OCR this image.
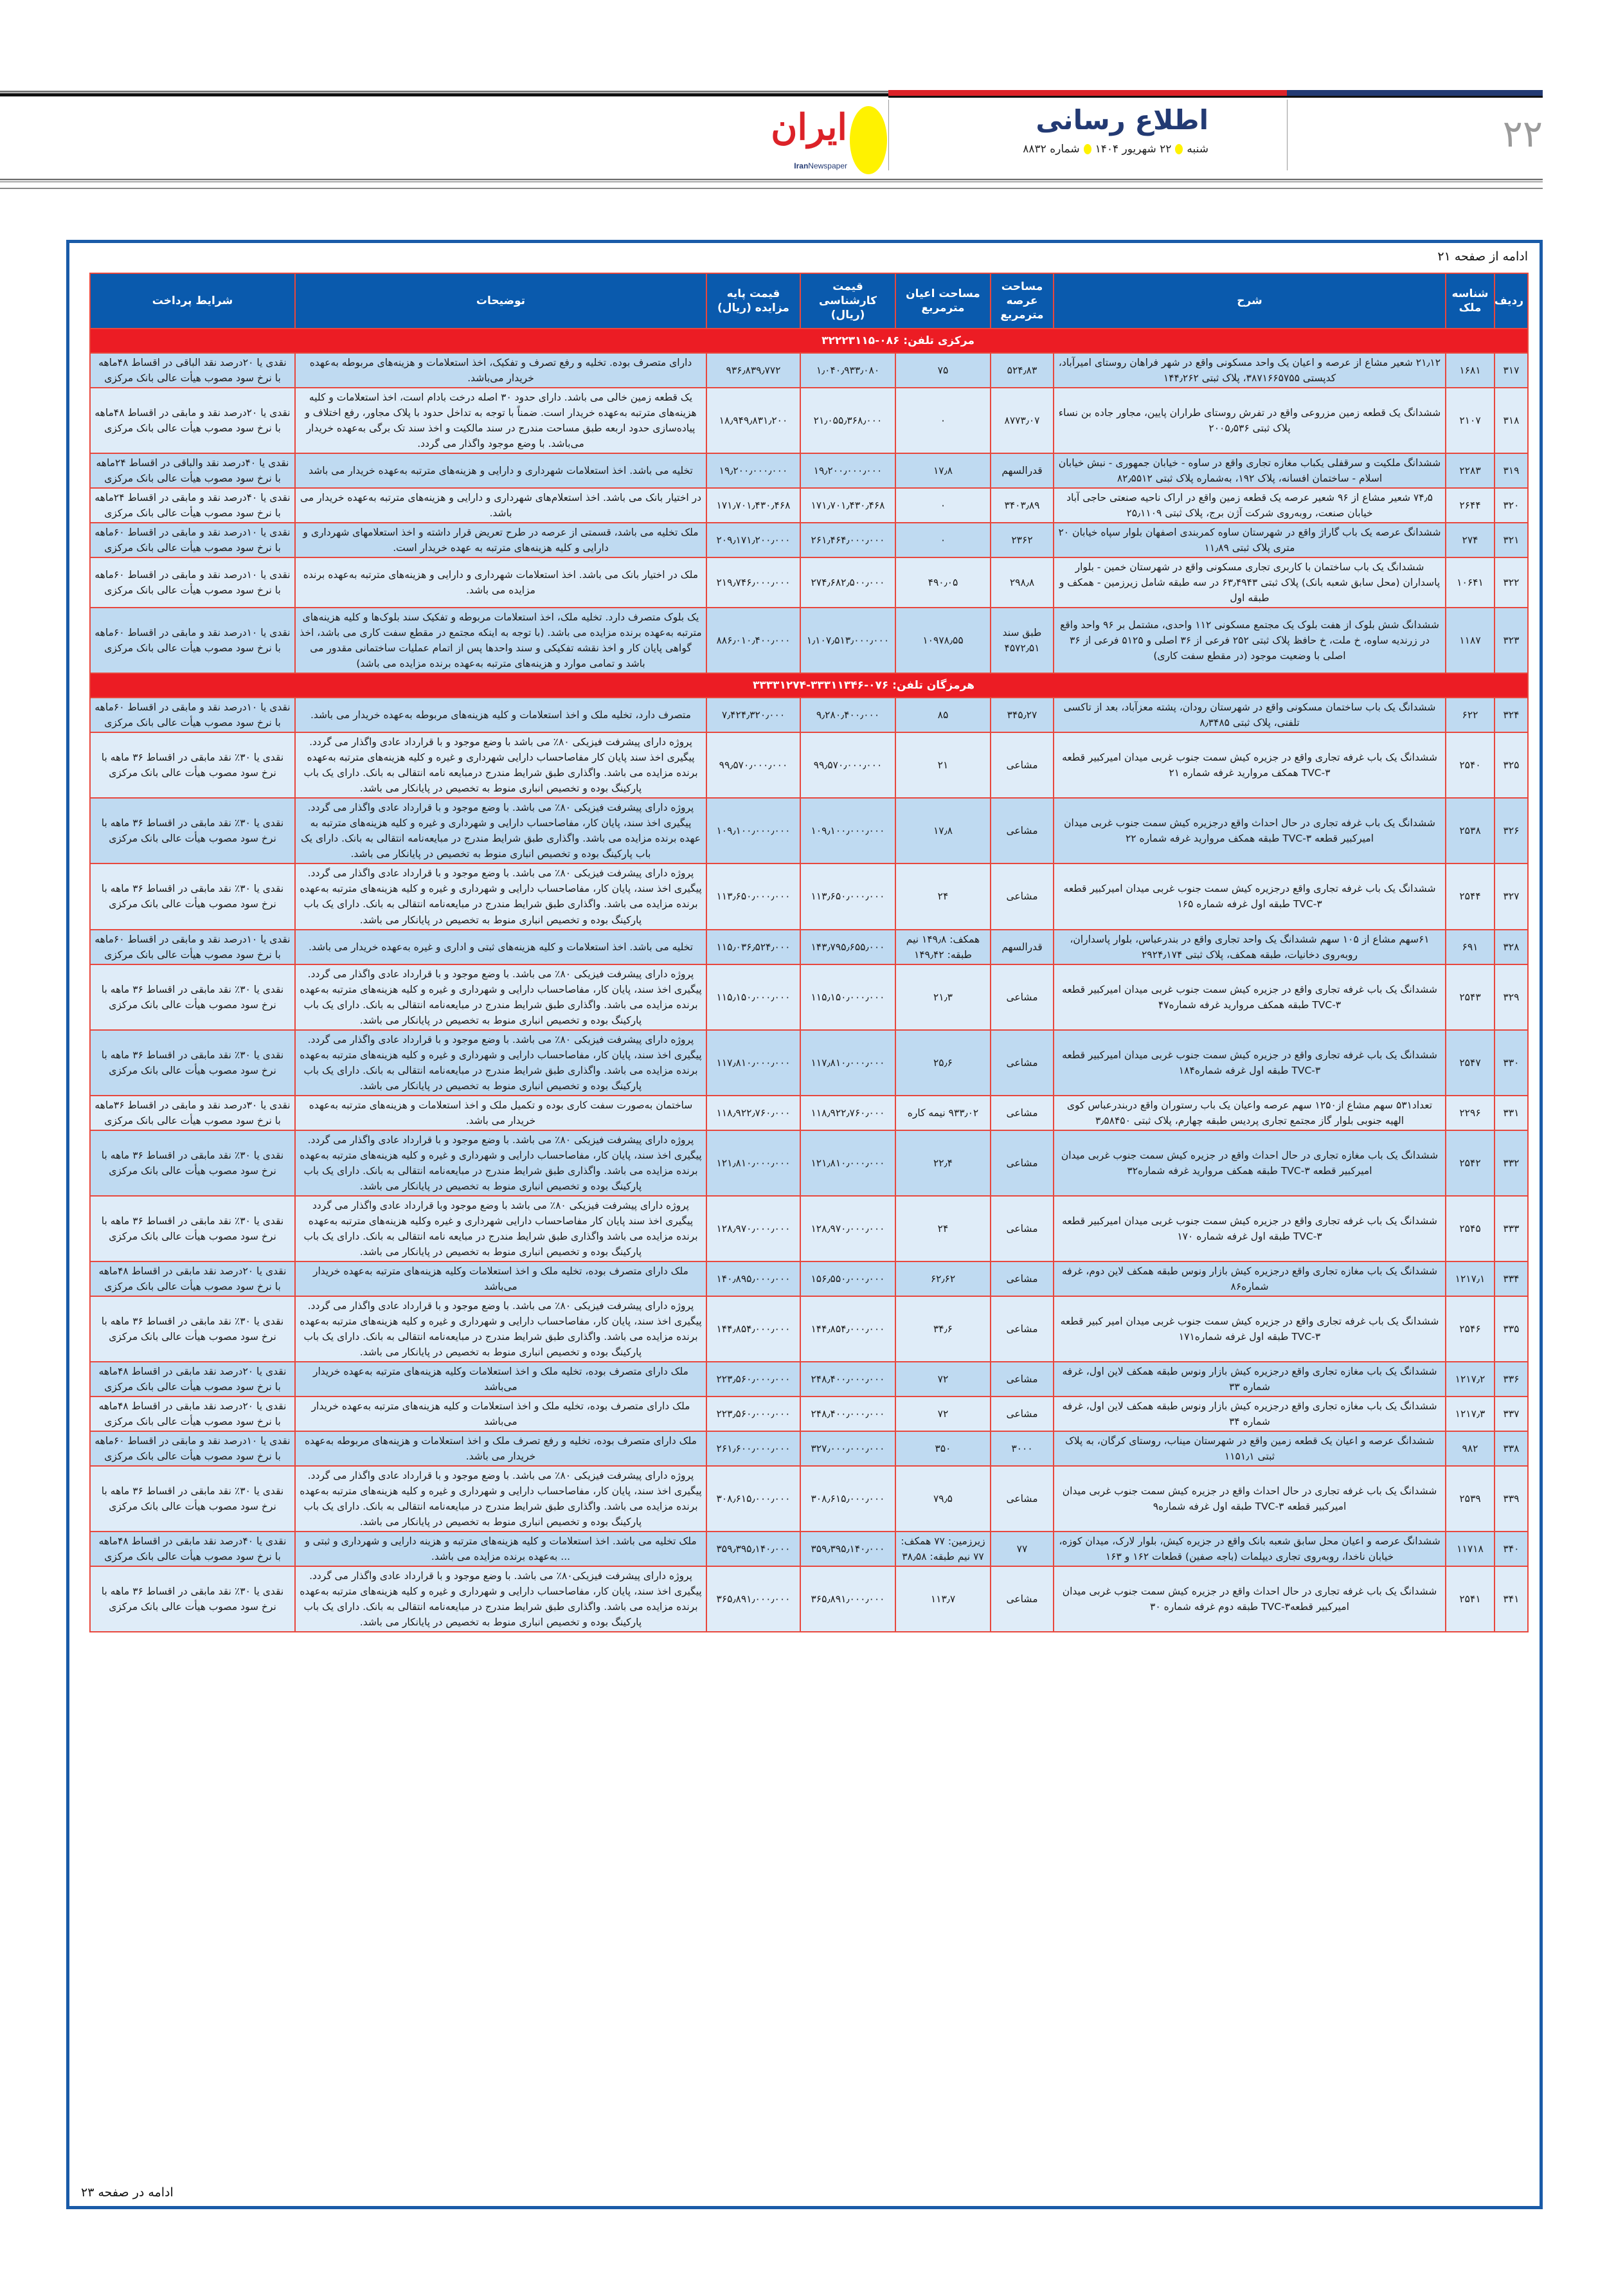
۲۲
اطلاع رسانی
شنبه
۲۲ شهریور ۱۴۰۴
شماره ۸۸۳۲
ایران
IranNewspaper
ادامه از صفحه ۲۱
ردیف	شناسه ملک	شرح	مساحت عرصه مترمربع	مساحت اعیان مترمربع	قیمت کارشناسی (ریال)	قیمت پایه مزایده (ریال)	توضیحات	شرایط پرداخت
مرکزی تلفن: ۰۸۶-۳۲۲۲۳۱۱۵								
۳۱۷	۱۶۸۱	۲۱٫۱۲ شعیر مشاع از عرصه و اعیان یک واحد مسکونی واقع در شهر فراهان روستای امیرآباد، کدپستی ۳۸۷۱۶۶۵۷۵۵، پلاک ثبتی ۱۴۴٫۲۶۲	۵۲۴٫۸۳	۷۵	۱٫۰۴۰٫۹۳۳٫۰۸۰	۹۳۶٫۸۳۹٫۷۷۲	دارای متصرف بوده. تخلیه و رفع تصرف و تفکیک، اخذ استعلامات و هزینه‌های مربوطه به‌عهده خریدار می‌باشد.	نقدی یا ۲۰درصد نقد الباقی در اقساط ۴۸ماهه با نرخ سود مصوب هیأت عالی بانک مرکزی
۳۱۸	۲۱۰۷	ششدانگ یک قطعه زمین مزروعی واقع در تفرش روستای طراران پایین، مجاور جاده بن نساء پلاک ثبتی ۲۰۰۵٫۵۳۶	۸۷۷۳٫۰۷	۰	۲۱٫۰۵۵٫۳۶۸٫۰۰۰	۱۸٫۹۴۹٫۸۳۱٫۲۰۰	یک قطعه زمین خالی می باشد. دارای حدود ۳۰ اصله درخت بادام است، اخذ استعلامات و کلیه هزینه‌های مترتبه به‌عهده خریدار است. ضمناً با توجه به تداخل حدود با پلاک مجاور، رفع اختلاف و پیاده‌سازی حدود اربعه طبق مساحت مندرج در سند مالکیت و اخذ سند تک برگی به‌عهده خریدار می‌باشد. با وضع موجود واگذار می گردد.	نقدی یا ۲۰درصد نقد و مابقی در اقساط ۴۸ماهه با نرخ سود مصوب هیأت عالی بانک مرکزی
۳۱۹	۲۲۸۳	ششدانگ ملکیت و سرقفلی یکباب مغازه تجاری واقع در ساوه - خیابان جمهوری - نبش خیابان اسلام - ساختمان افسانه، پلاک ۱۹۲، به‌شماره پلاک ثبتی ۸۲٫۵۵۱۲	قدرالسهم	۱۷٫۸	۱۹٫۲۰۰٫۰۰۰٫۰۰۰	۱۹٫۲۰۰٫۰۰۰٫۰۰۰	تخلیه می باشد. اخذ استعلامات شهرداری و دارایی و هزینه‌های مترتبه به‌عهده خریدار می باشد	نقدی یا ۴۰درصد نقد والباقی در اقساط ۲۴ماهه با نرخ سود مصوب هیأت عالی بانک مرکزی
۳۲۰	۲۶۴۴	۷۴٫۵ شعیر مشاع از ۹۶ شعیر عرصه یک قطعه زمین واقع در اراک ناحیه صنعتی حاجی آباد خیابان صنعت، روبه‌روی شرکت آژن برج، پلاک ثبتی ۲۵٫۱۱۰۹	۳۴۰۳٫۸۹	۰	۱۷۱٫۷۰۱٫۴۳۰٫۴۶۸	۱۷۱٫۷۰۱٫۴۳۰٫۴۶۸	در اختیار بانک می باشد. اخذ استعلام‌های شهرداری و دارایی و هزینه‌های مترتبه به‌عهده خریدار می باشد.	نقدی یا ۴۰درصد نقد و مابقی در اقساط ۲۴ماهه با نرخ سود مصوب هیأت عالی بانک مرکزی
۳۲۱	۲۷۴	ششدانگ عرصه یک باب گاراژ واقع در شهرستان ساوه کمربندی اصفهان بلوار سپاه خیابان ۲۰ متری پلاک ثبتی ۱۱٫۸۹	۲۳۶۲	۰	۲۶۱٫۴۶۴٫۰۰۰٫۰۰۰	۲۰۹٫۱۷۱٫۲۰۰٫۰۰۰	ملک تخلیه می باشد، قسمتی از عرصه در طرح تعریض قرار داشته و اخذ استعلامهای شهرداری و دارایی و کلیه هزینه‌های مترتبه به عهده خریدار است.	نقدی یا ۱۰درصد نقد و مابقی در اقساط ۶۰ماهه با نرخ سود مصوب هیأت عالی بانک مرکزی
۳۲۲	۱۰۶۴۱	ششدانگ یک باب ساختمان با کاربری تجاری مسکونی واقع در شهرستان خمین - بلوار پاسداران (محل سابق شعبه بانک) پلاک ثبتی ۶۳٫۴۹۴۳ در سه طبقه شامل زیرزمین - همکف و طبقه اول	۲۹۸٫۸	۴۹۰٫۰۵	۲۷۴٫۶۸۲٫۵۰۰٫۰۰۰	۲۱۹٫۷۴۶٫۰۰۰٫۰۰۰	ملک در اختیار بانک می باشد. اخذ استعلامات شهرداری و دارایی و هزینه‌های مترتبه به‌عهده برنده مزایده می باشد.	نقدی یا ۱۰درصد نقد و مابقی در اقساط ۶۰ماهه با نرخ سود مصوب هیأت عالی بانک مرکزی
۳۲۳	۱۱۸۷	ششدانگ شش بلوک از هفت بلوک یک مجتمع مسکونی ۱۱۲ واحدی، مشتمل بر ۹۶ واحد واقع در زرندیه ساوه، خ ملت، خ حافظ پلاک ثبتی ۲۵۲ فرعی از ۳۶ اصلی و ۵۱۲۵ فرعی از ۳۶ اصلی با وضعیت موجود (در مقطع سفت کاری)	طبق سند ۴۵۷۲٫۵۱	۱۰۹۷۸٫۵۵	۱٫۱۰۷٫۵۱۳٫۰۰۰٫۰۰۰	۸۸۶٫۰۱۰٫۴۰۰٫۰۰۰	یک بلوک متصرف دارد. تخلیه ملک، اخذ استعلامات مربوطه و تفکیک سند بلوک‌ها و کلیه هزینه‌های مترتبه به‌عهده برنده مزایده می باشد. (با توجه به اینکه مجتمع در مقطع سفت کاری می باشد، اخذ گواهی پایان کار و اخذ نقشه تفکیکی و سند واحدها پس از اتمام عملیات ساختمانی مقدور می باشد و تمامی موارد و هزینه‌های مترتبه به‌عهده برنده مزایده می باشد)	نقدی یا ۱۰درصد نقد و مابقی در اقساط ۶۰ماهه با نرخ سود مصوب هیأت عالی بانک مرکزی
هرمزگان تلفن: ۰۷۶-۳۳۳۱۱۳۴۶-۳۳۳۳۱۲۷۴								
۳۲۴	۶۲۲	ششدانگ یک باب ساختمان مسکونی واقع در شهرستان رودان، پشته معزآباد، بعد از تاکسی تلفنی، پلاک ثبتی ۸٫۳۴۸۵	۳۴۵٫۲۷	۸۵	۹٫۲۸۰٫۴۰۰٫۰۰۰	۷٫۴۲۴٫۳۲۰٫۰۰۰	متصرف دارد، تخلیه ملک و اخذ استعلامات و کلیه هزینه‌های مربوطه به‌عهده خریدار می باشد.	نقدی یا ۱۰درصد نقد و مابقی در اقساط ۶۰ماهه با نرخ سود مصوب هیأت عالی بانک مرکزی
۳۲۵	۲۵۴۰	ششدانگ یک باب غرفه تجاری واقع در جزیره کیش سمت جنوب غربی میدان امیرکبیر قطعه TVC-۳ همکف مروارید غرفه شماره ۲۱	مشاعی	۲۱	۹۹٫۵۷۰٫۰۰۰٫۰۰۰	۹۹٫۵۷۰٫۰۰۰٫۰۰۰	پروژه دارای پیشرفت فیزیکی ۸۰٪ می باشد با وضع موجود و با قرارداد عادی واگذار می گردد. پیگیری اخذ سند پایان کار مفاصاحساب دارایی شهرداری و غیره و کلیه هزینه‌های مترتبه به‌عهده برنده مزایده می باشد. واگذاری طبق شرایط مندرج درمبایعه نامه انتقالی به بانک. دارای یک باب پارکینگ بوده و تخصیص انباری منوط به تخصیص در پایانکار می باشد.	نقدی یا ۳۰٪ نقد مابقی در اقساط ۳۶ ماهه با نرخ سود مصوب هیأت عالی بانک مرکزی
۳۲۶	۲۵۳۸	ششدانگ یک باب غرفه تجاری در حال احداث واقع درجزیره کیش سمت جنوب غربی میدان امیرکبیر قطعه TVC-۳ طبقه همکف مروارید غرفه شماره ۲۲	مشاعی	۱۷٫۸	۱۰۹٫۱۰۰٫۰۰۰٫۰۰۰	۱۰۹٫۱۰۰٫۰۰۰٫۰۰۰	پروژه دارای پیشرفت فیزیکی ۸۰٪ می باشد. با وضع موجود و با قرارداد عادی واگذار می گردد. پیگیری اخذ سند، پایان کار، مفاصاحساب دارایی و شهرداری و غیره و کلیه هزینه‌های مترتبه به عهده برنده مزایده می باشد. واگذاری طبق شرایط مندرج در مبایعه‌نامه انتقالی به بانک. دارای یک باب پارکینگ بوده و تخصیص انباری منوط به تخصیص در پایانکار می باشد.	نقدی یا ۳۰٪ نقد مابقی در اقساط ۳۶ ماهه با نرخ سود مصوب هیأت عالی بانک مرکزی
۳۲۷	۲۵۴۴	ششدانگ یک باب غرفه تجاری واقع درجزیره کیش سمت جنوب غربی میدان امیرکبیر قطعه TVC-۳ طبقه اول غرفه شماره ۱۶۵	مشاعی	۲۴	۱۱۳٫۶۵۰٫۰۰۰٫۰۰۰	۱۱۳٫۶۵۰٫۰۰۰٫۰۰۰	پروژه دارای پیشرفت فیزیکی ۸۰٪ می باشد. با وضع موجود و با قرارداد عادی واگذار می گردد. پیگیری اخذ سند، پایان کار، مفاصاحساب دارایی و شهرداری و غیره و کلیه هزینه‌های مترتبه به‌عهده برنده مزایده می باشد. واگذاری طبق شرایط مندرج در مبایعه‌نامه انتقالی به بانک. دارای یک باب پارکینگ بوده و تخصیص انباری منوط به تخصیص در پایانکار می باشد.	نقدی یا ۳۰٪ نقد مابقی در اقساط ۳۶ ماهه با نرخ سود مصوب هیأت عالی بانک مرکزی
۳۲۸	۶۹۱	۶۱سهم مشاع از ۱۰۵ سهم ششدانگ یک واحد تجاری واقع در بندرعباس، بلوار پاسداران، روبه‌روی دخانیات، طبقه همکف، پلاک ثبتی ۲۹۲۴٫۱۷۴	قدرالسهم	همکف: ۱۴۹٫۸ نیم طبقه: ۱۴۹٫۴۲	۱۴۳٫۷۹۵٫۶۵۵٫۰۰۰	۱۱۵٫۰۳۶٫۵۲۴٫۰۰۰	تخلیه می باشد. اخذ استعلامات و کلیه هزینه‌های ثبتی و اداری و غیره به‌عهده خریدار می باشد.	نقدی یا ۱۰درصد نقد و مابقی در اقساط ۶۰ماهه با نرخ سود مصوب هیأت عالی بانک مرکزی
۳۲۹	۲۵۴۳	ششدانگ یک باب غرفه تجاری واقع در جزیره کیش سمت جنوب غربی میدان امیرکبیر قطعه TVC-۳ طبقه همکف مروارید غرفه شماره۴۷	مشاعی	۲۱٫۳	۱۱۵٫۱۵۰٫۰۰۰٫۰۰۰	۱۱۵٫۱۵۰٫۰۰۰٫۰۰۰	پروژه دارای پیشرفت فیزیکی ۸۰٪ می باشد. با وضع موجود و با قرارداد عادی واگذار می گردد. پیگیری اخذ سند، پایان کار، مفاصاحساب دارایی و شهرداری و غیره و کلیه هزینه‌های مترتبه به‌عهده برنده مزایده می باشد. واگذاری طبق شرایط مندرج در مبایعه‌نامه انتقالی به بانک. دارای یک باب پارکینگ بوده و تخصیص انباری منوط به تخصیص در پایانکار می باشد.	نقدی یا ۳۰٪ نقد مابقی در اقساط ۳۶ ماهه با نرخ سود مصوب هیأت عالی بانک مرکزی
۳۳۰	۲۵۴۷	ششدانگ یک باب غرفه تجاری واقع در جزیره کیش سمت جنوب غربی میدان امیرکبیر قطعه TVC-۳ طبقه اول غرفه شماره۱۸۴	مشاعی	۲۵٫۶	۱۱۷٫۸۱۰٫۰۰۰٫۰۰۰	۱۱۷٫۸۱۰٫۰۰۰٫۰۰۰	پروژه دارای پیشرفت فیزیکی ۸۰٪ می باشد. با وضع موجود و با قرارداد عادی واگذار می گردد. پیگیری اخذ سند، پایان کار، مفاصاحساب دارایی و شهرداری و غیره و کلیه هزینه‌های مترتبه به‌عهده برنده مزایده می باشد. واگذاری طبق شرایط مندرج در مبایعه‌نامه انتقالی به بانک. دارای یک باب پارکینگ بوده و تخصیص انباری منوط به تخصیص در پایانکار می باشد.	نقدی یا ۳۰٪ نقد مابقی در اقساط ۳۶ ماهه با نرخ سود مصوب هیأت عالی بانک مرکزی
۳۳۱	۲۲۹۶	تعداد۵۳۱ سهم مشاع از۱۲۵۰ سهم عرصه واعیان یک باب رستوران واقع دربندرعباس کوی الهیه جنوبی بلوار گاز مجتمع تجاری پردیس طبقه چهارم، پلاک ثبتی ۳٫۵۸۴۵۰	مشاعی	۹۳۳٫۰۲ نیمه کاره	۱۱۸٫۹۲۲٫۷۶۰٫۰۰۰	۱۱۸٫۹۲۲٫۷۶۰٫۰۰۰	ساختمان به‌صورت سفت کاری بوده و تکمیل ملک و اخذ استعلامات و هزینه‌های مترتبه به‌عهده خریدار می باشد.	نقدی یا ۳۰درصد نقد و مابقی در اقساط ۳۶ماهه با نرخ سود مصوب هیأت عالی بانک مرکزی
۳۳۲	۲۵۴۲	ششدانگ یک باب مغازه تجاری در حال احداث واقع در جزیره کیش سمت جنوب غربی میدان امیرکبیر قطعه TVC-۳ طبقه همکف مروارید غرفه شماره۳۲	مشاعی	۲۲٫۴	۱۲۱٫۸۱۰٫۰۰۰٫۰۰۰	۱۲۱٫۸۱۰٫۰۰۰٫۰۰۰	پروژه دارای پیشرفت فیزیکی ۸۰٪ می باشد. با وضع موجود و با قرارداد عادی واگذار می گردد. پیگیری اخذ سند، پایان کار، مفاصاحساب دارایی و شهرداری و غیره و کلیه هزینه‌های مترتبه به‌عهده برنده مزایده می باشد. واگذاری طبق شرایط مندرج در مبایعه‌نامه انتقالی به بانک. دارای یک باب پارکینگ بوده و تخصیص انباری منوط به تخصیص در پایانکار می باشد.	نقدی یا ۳۰٪ نقد مابقی در اقساط ۳۶ ماهه با نرخ سود مصوب هیأت عالی بانک مرکزی
۳۳۳	۲۵۴۵	ششدانگ یک باب غرفه تجاری واقع در جزیره کیش سمت جنوب غربی میدان امیرکبیر قطعه TVC-۳ طبقه اول غرفه شماره ۱۷۰	مشاعی	۲۴	۱۲۸٫۹۷۰٫۰۰۰٫۰۰۰	۱۲۸٫۹۷۰٫۰۰۰٫۰۰۰	پروژه دارای پیشرفت فیزیکی ۸۰٪ می باشد با وضع موجود وبا قرارداد عادی واگذار می گردد پیگیری اخذ سند پایان کار مفاصاحساب دارایی شهرداری و غیره وکلیه هزینه‌های مترتبه به‌عهده برنده مزایده می باشد واگذاری طبق شرایط مندرج در مبایعه نامه انتقالی به بانک. دارای یک باب پارکینگ بوده و تخصیص انباری منوط به تخصیص در پایانکار می باشد.	نقدی یا ۳۰٪ نقد مابقی در اقساط ۳۶ ماهه با نرخ سود مصوب هیأت عالی بانک مرکزی
۳۳۴	۱۲۱۷٫۱	ششدانگ یک باب مغازه تجاری واقع درجزیره کیش بازار ونوس طبقه همکف لاین دوم، غرفه شماره۸۶	مشاعی	۶۲٫۶۲	۱۵۶٫۵۵۰٫۰۰۰٫۰۰۰	۱۴۰٫۸۹۵٫۰۰۰٫۰۰۰	ملک دارای متصرف بوده، تخلیه ملک و اخذ استعلامات وکلیه هزینه‌های مترتبه به‌عهده خریدار می‌باشد	نقدی یا ۲۰درصد نقد مابقی در اقساط ۴۸ماهه با نرخ سود مصوب هیأت عالی بانک مرکزی
۳۳۵	۲۵۴۶	ششدانگ یک باب غرفه تجاری واقع در جزیره کیش سمت جنوب غربی میدان امیر کبیر قطعه TVC-۳ طبقه اول غرفه شماره۱۷۱	مشاعی	۳۴٫۶	۱۴۴٫۸۵۴٫۰۰۰٫۰۰۰	۱۴۴٫۸۵۴٫۰۰۰٫۰۰۰	پروژه دارای پیشرفت فیزیکی ۸۰٪ می باشد. با وضع موجود و با قرارداد عادی واگذار می گردد. پیگیری اخذ سند، پایان کار، مفاصاحساب دارایی و شهرداری و غیره و کلیه هزینه‌های مترتبه به‌عهده برنده مزایده می باشد. واگذاری طبق شرایط مندرج در مبایعه‌نامه انتقالی به بانک. دارای یک باب پارکینگ بوده و تخصیص انباری منوط به تخصیص در پایانکار می باشد.	نقدی یا ۳۰٪ نقد مابقی در اقساط ۳۶ ماهه با نرخ سود مصوب هیأت عالی بانک مرکزی
۳۳۶	۱۲۱۷٫۲	ششدانگ یک باب مغازه تجاری واقع درجزیره کیش بازار ونوس طبقه همکف لاین اول، غرفه شماره ۳۳	مشاعی	۷۲	۲۴۸٫۴۰۰٫۰۰۰٫۰۰۰	۲۲۳٫۵۶۰٫۰۰۰٫۰۰۰	ملک دارای متصرف بوده، تخلیه ملک و اخذ استعلامات وکلیه هزینه‌های مترتبه به‌عهده خریدار می‌باشد	نقدی یا ۲۰درصد نقد مابقی در اقساط ۴۸ماهه با نرخ سود مصوب هیأت عالی بانک مرکزی
۳۳۷	۱۲۱۷٫۳	ششدانگ یک باب مغازه تجاری واقع درجزیره کیش بازار ونوس طبقه همکف لاین اول، غرفه شماره ۳۴	مشاعی	۷۲	۲۴۸٫۴۰۰٫۰۰۰٫۰۰۰	۲۲۳٫۵۶۰٫۰۰۰٫۰۰۰	ملک دارای متصرف بوده، تخلیه ملک و اخذ استعلامات و کلیه هزینه‌های مترتبه به‌عهده خریدار می‌باشد	نقدی یا ۲۰درصد نقد مابقی در اقساط ۴۸ماهه با نرخ سود مصوب هیأت عالی بانک مرکزی
۳۳۸	۹۸۲	ششدانگ عرصه و اعیان یک قطعه زمین واقع در شهرستان میناب، روستای کرگان، به پلاک ثبتی ۱۱۵۱٫۱	۳۰۰۰	۳۵۰	۳۲۷٫۰۰۰٫۰۰۰٫۰۰۰	۲۶۱٫۶۰۰٫۰۰۰٫۰۰۰	ملک دارای متصرف بوده، تخلیه و رفع تصرف ملک و اخذ استعلامات و هزینه‌های مربوطه به‌عهده خریدار می باشد.	نقدی یا ۱۰درصد نقد و مابقی در اقساط ۶۰ماهه با نرخ سود مصوب هیأت عالی بانک مرکزی
۳۳۹	۲۵۳۹	ششدانگ یک باب غرفه تجاری در حال احداث واقع در جزیره کیش سمت جنوب غربی میدان امیرکبیر قطعه TVC-۳ طبقه اول غرفه شماره۹	مشاعی	۷۹٫۵	۳۰۸٫۶۱۵٫۰۰۰٫۰۰۰	۳۰۸٫۶۱۵٫۰۰۰٫۰۰۰	پروژه دارای پیشرفت فیزیکی ۸۰٪ می باشد. با وضع موجود و با قرارداد عادی واگذار می گردد. پیگیری اخذ سند، پایان کار، مفاصاحساب دارایی و شهرداری و غیره و کلیه هزینه‌های مترتبه به‌عهده برنده مزایده می باشد. واگذاری طبق شرایط مندرج در مبایعه‌نامه انتقالی به بانک. دارای یک باب پارکینگ بوده و تخصیص انباری منوط به تخصیص در پایانکار می باشد.	نقدی یا ۳۰٪ نقد مابقی در اقساط ۳۶ ماهه با نرخ سود مصوب هیأت عالی بانک مرکزی
۳۴۰	۱۱۷۱۸	ششدانگ عرصه و اعیان محل سابق شعبه بانک واقع در جزیره کیش، بلوار لارک، میدان کوزه، خیابان ناخدا، روبه‌روی تجاری دیپلمات (باجه صفین) قطعات ۱۶۲ و ۱۶۳	۷۷	زیرزمین: ۷۷ همکف: ۷۷ نیم طبقه: ۳۸٫۵۸	۳۵۹٫۳۹۵٫۱۴۰٫۰۰۰	۳۵۹٫۳۹۵٫۱۴۰٫۰۰۰	ملک تخلیه می باشد. اخذ استعلامات و کلیه هزینه‌های مترتبه و هزینه دارایی و شهرداری و ثبتی و ... به‌عهده برنده مزایده می باشد.	نقدی یا ۴۰درصد نقد مابقی در اقساط ۴۸ماهه با نرخ سود مصوب هیأت عالی بانک مرکزی
۳۴۱	۲۵۴۱	ششدانگ یک باب غرفه تجاری در حال احداث واقع در جزیره کیش سمت جنوب غربی میدان امیرکبیر قطعه۳-TVC طبقه دوم غرفه شماره ۳۰	مشاعی	۱۱۳٫۷	۳۶۵٫۸۹۱٫۰۰۰٫۰۰۰	۳۶۵٫۸۹۱٫۰۰۰٫۰۰۰	پروژه دارای پیشرفت فیزیکی۸۰٪ می باشد. با وضع موجود و با قرارداد عادی واگذار می گردد. پیگیری اخذ سند، پایان کار، مفاصاحساب دارایی و شهرداری و غیره و کلیه هزینه‌های مترتبه به‌عهده برنده مزایده می باشد. واگذاری طبق شرایط مندرج در مبایعه‌نامه انتقالی به بانک. دارای یک باب پارکینگ بوده و تخصیص انباری منوط به تخصیص در پایانکار می باشد.	نقدی یا ۳۰٪ نقد مابقی در اقساط ۳۶ ماهه با نرخ سود مصوب هیأت عالی بانک مرکزی
ادامه در صفحه ۲۳
